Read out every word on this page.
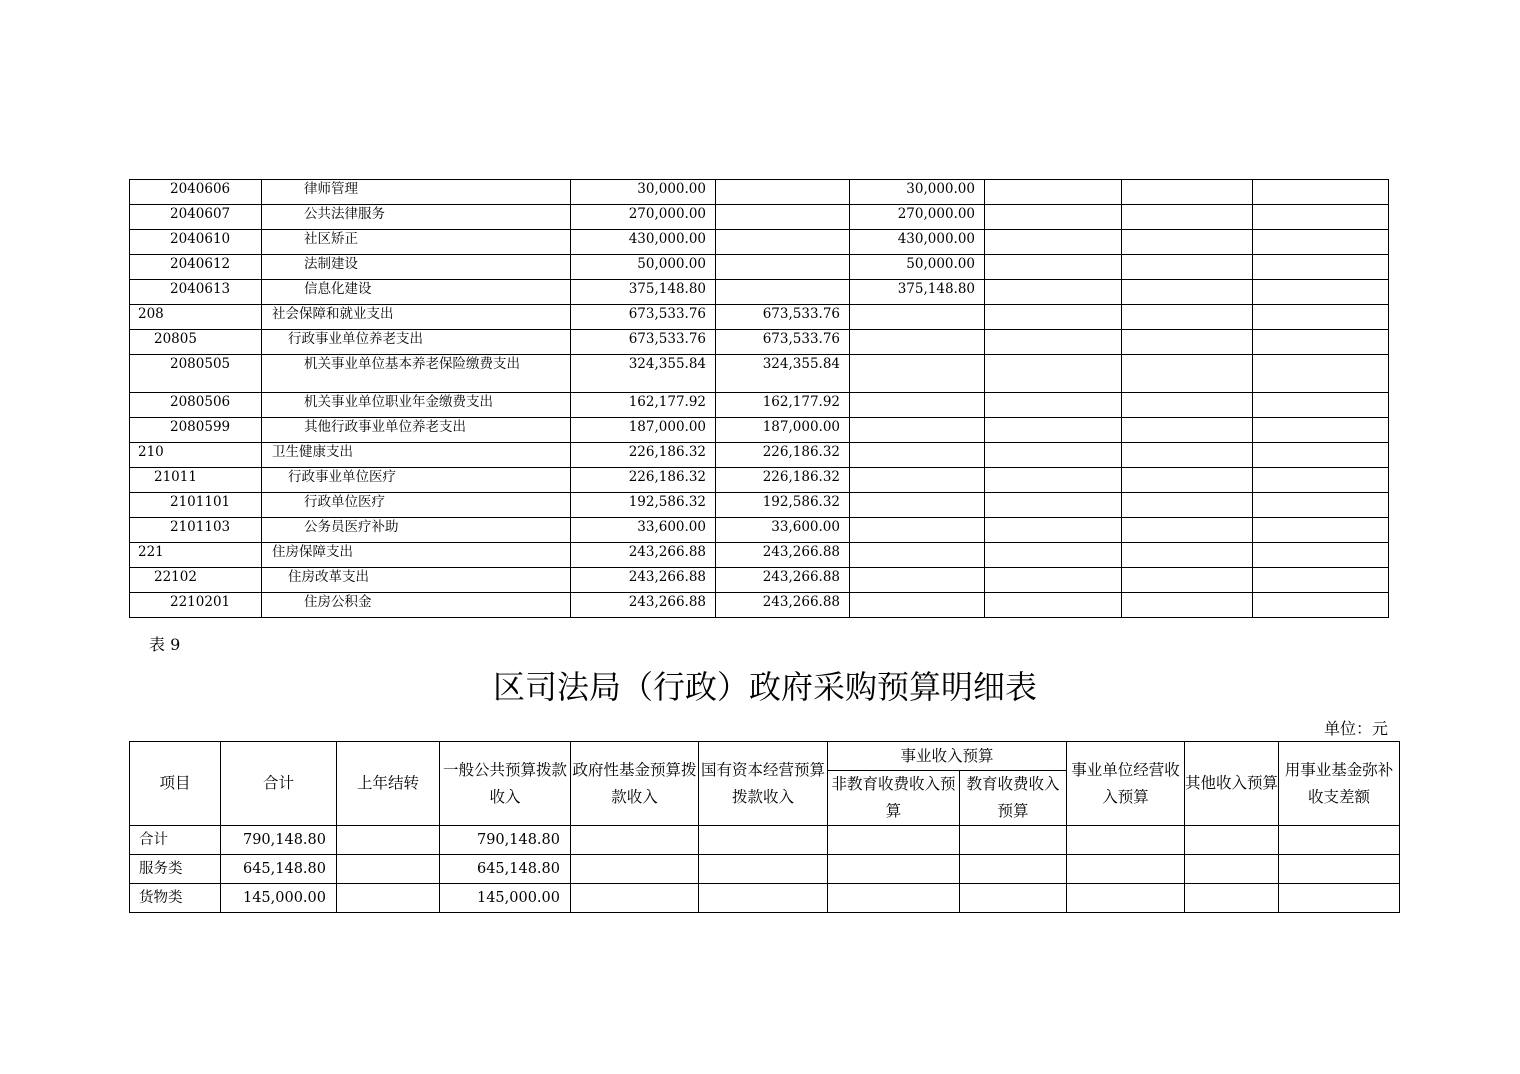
2040606	律师管理	30,000.00		30,000.00			
2040607	公共法律服务	270,000.00		270,000.00			
2040610	社区矫正	430,000.00		430,000.00			
2040612	法制建设	50,000.00		50,000.00			
2040613	信息化建设	375,148.80		375,148.80			
208	社会保障和就业支出	673,533.76	673,533.76				
20805	行政事业单位养老支出	673,533.76	673,533.76				
2080505	机关事业单位基本养老保险缴费支出	324,355.84	324,355.84				
2080506	机关事业单位职业年金缴费支出	162,177.92	162,177.92				
2080599	其他行政事业单位养老支出	187,000.00	187,000.00				
210	卫生健康支出	226,186.32	226,186.32				
21011	行政事业单位医疗	226,186.32	226,186.32				
2101101	行政单位医疗	192,586.32	192,586.32				
2101103	公务员医疗补助	33,600.00	33,600.00				
221	住房保障支出	243,266.88	243,266.88				
22102	住房改革支出	243,266.88	243,266.88				
2210201	住房公积金	243,266.88	243,266.88				
表 9
区司法局（行政）政府采购预算明细表
单位：元
项目	合计	上年结转	一般公共预算拨款收入	政府性基金预算拨款收入	国有资本经营预算拨款收入	事业收入预算		事业单位经营收入预算	其他收入预算	用事业基金弥补收支差额
						非教育收费收入预算	教育收费收入预算			
合计	790,148.80		790,148.80							
服务类	645,148.80		645,148.80							
货物类	145,000.00		145,000.00							
